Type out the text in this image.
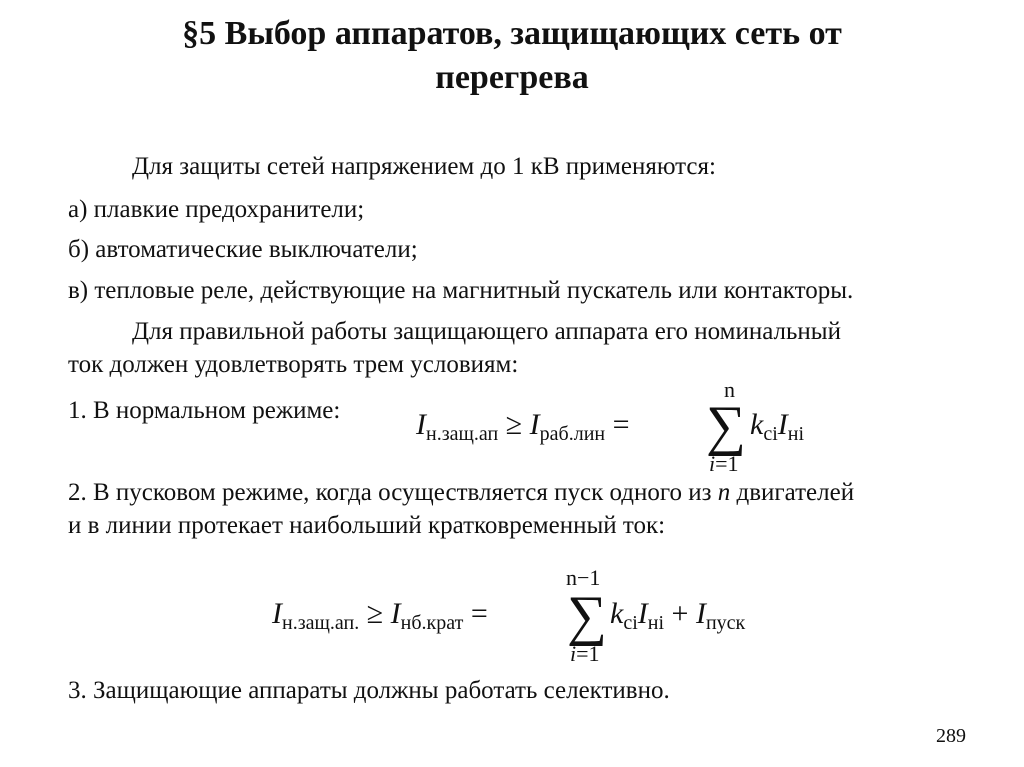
§5 Выбор аппаратов, защищающих сеть от
перегрева
Для защиты сетей напряжением до 1 кВ применяются:
а) плавкие предохранители;
б) автоматические выключатели;
в) тепловые реле, действующие на магнитный пускатель или контакторы.
Для правильной работы защищающего аппарата его номинальный
ток должен удовлетворять трем условиям:
1. В нормальном режиме:	$I_{н.защ.ап} \ge I_{раб.лин}$ = ∑
n
i=1
$k_{сi}I_{нi}$
2. В пусковом режиме, когда осуществляется пуск одного из n двигателей
и в линии протекает наибольший кратковременный ток:
$I_{н.защ.ап.} \ge I_{нб.крат}$ = ∑
n−1
i=1
$k_{сi}I_{нi} + I_{пуск}$
3. Защищающие аппараты должны работать селективно.
289
